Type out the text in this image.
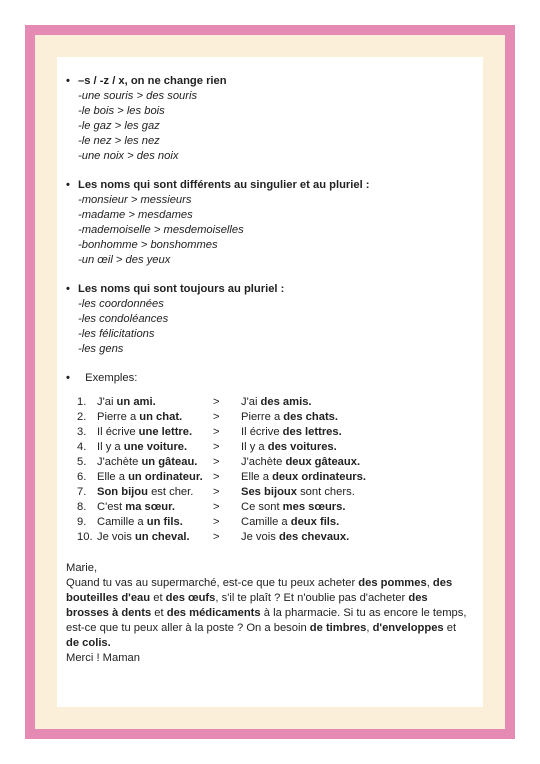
• –s / -z / x, on ne change rien
-une souris > des souris
-le bois > les bois
-le gaz > les gaz
-le nez > les nez
-une noix > des noix
• Les noms qui sont différents au singulier et au pluriel :
-monsieur > messieurs
-madame > mesdames
-mademoiselle > mesdemoiselles
-bonhomme > bonshommes
-un œil > des yeux
• Les noms qui sont toujours au pluriel :
-les coordonnées
-les condoléances
-les félicitations
-les gens
• Exemples:
1. J'ai un ami.	>	J'ai des amis.
2. Pierre a un chat.	>	Pierre a des chats.
3. Il écrive une lettre.	>	Il écrive des lettres.
4. Il y a une voiture.	>	Il y a des voitures.
5. J'achète un gâteau.	>	J'achète deux gâteaux.
6. Elle a un ordinateur. >	Elle a deux ordinateurs.
7. Son bijou est cher.	>	Ses bijoux sont chers.
8. C'est ma sœur.	>	Ce sont mes sœurs.
9. Camille a un fils.	>	Camille a deux fils.
10. Je vois un cheval.	>	Je vois des chevaux.
Marie,
Quand tu vas au supermarché, est-ce que tu peux acheter des pommes, des bouteilles d'eau et des œufs, s'il te plaît ? Et n'oublie pas d'acheter des brosses à dents et des médicaments à la pharmacie. Si tu as encore le temps, est-ce que tu peux aller à la poste ? On a besoin de timbres, d'enveloppes et de colis.
Merci ! Maman
